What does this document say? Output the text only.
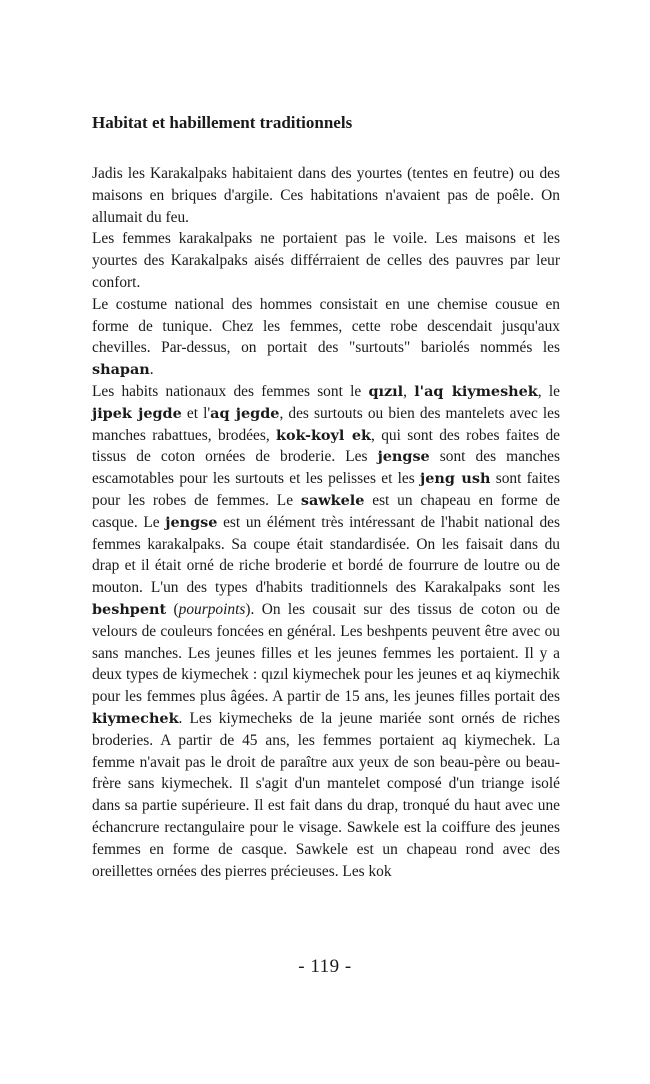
Habitat et habillement traditionnels

Jadis les Karakalpaks habitaient dans des yourtes (tentes en feutre) ou des maisons en briques d'argile. Ces habitations n'avaient pas de poêle. On allumait du feu.

Les femmes karakalpaks ne portaient pas le voile. Les maisons et les yourtes des Karakalpaks aisés différraient de celles des pauvres par leur confort.

Le costume national des hommes consistait en une chemise cousue en forme de tunique. Chez les femmes, cette robe descendait jusqu'aux chevilles. Par-dessus, on portait des "surtouts" bariolés nommés les shapan.

Les habits nationaux des femmes sont le qızıl, l'aq kiymeshek, le jipek jegde et l'aq jegde, des surtouts ou bien des mantelets avec les manches rabattues, brodées, kok-koyl ek, qui sont des robes faites de tissus de coton ornées de broderie. Les jengse sont des manches escamotables pour les surtouts et les pelisses et les jeng ush sont faites pour les robes de femmes. Le sawkele est un chapeau en forme de casque. Le jengse est un élément très intéressant de l'habit national des femmes karakalpaks. Sa coupe était standardisée. On les faisait dans du drap et il était orné de riche broderie et bordé de fourrure de loutre ou de mouton. L'un des types d'habits traditionnels des Karakalpaks sont les beshpent (pourpoints). On les cousait sur des tissus de coton ou de velours de couleurs foncées en général. Les beshpents peuvent être avec ou sans manches. Les jeunes filles et les jeunes femmes les portaient. Il y a deux types de kiymechek : qızıl kiymechek pour les jeunes et aq kiymechik pour les femmes plus âgées. A partir de 15 ans, les jeunes filles portait des kiymechek. Les kiymecheks de la jeune mariée sont ornés de riches broderies. A partir de 45 ans, les femmes portaient aq kiymechek. La femme n'avait pas le droit de paraître aux yeux de son beau-père ou beau-frère sans kiymechek. Il s'agit d'un mantelet composé d'un triange isolé dans sa partie supérieure. Il est fait dans du drap, tronqué du haut avec une échancrure rectangulaire pour le visage. Sawkele est la coiffure des jeunes femmes en forme de casque. Sawkele est un chapeau rond avec des oreillettes ornées des pierres précieuses. Les kok

- 119 -
